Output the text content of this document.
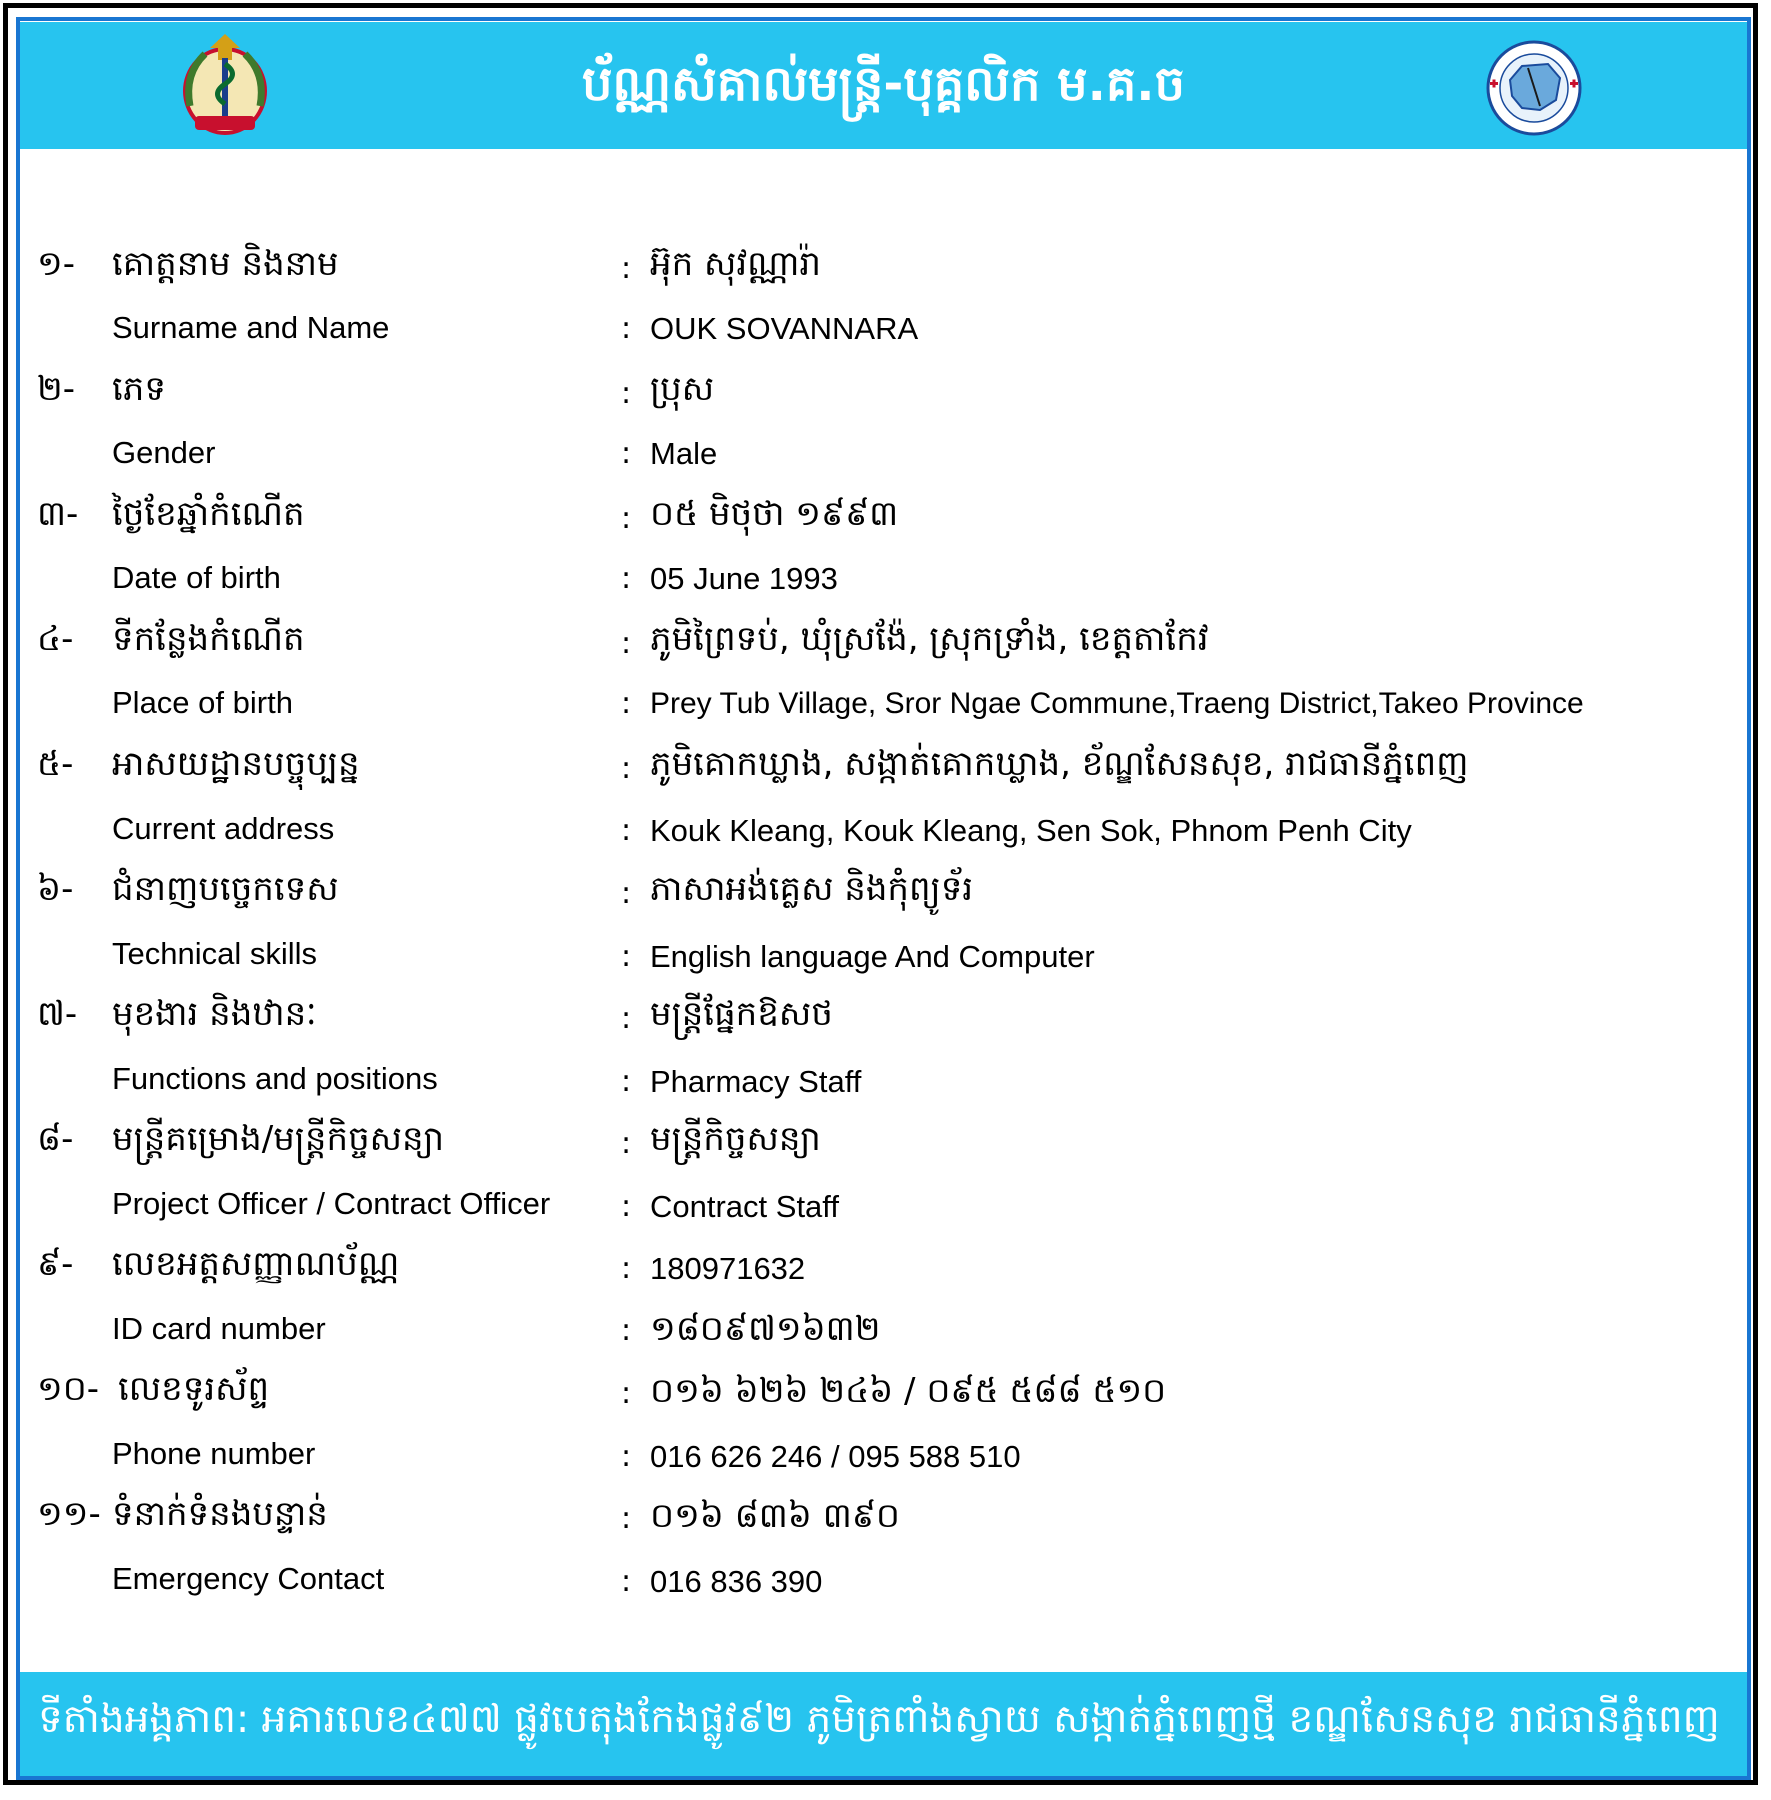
ប័ណ្ណសំគាល់មន្ត្រី-បុគ្គលិក ម.គ.ច
១- គោត្តនាម និងនាម	: អ៊ុក សុវណ្ណារ៉ា
Surname and Name	: OUK SOVANNARA
២- ភេទ	: ប្រុស
Gender	: Male
៣- ថ្ងៃខែឆ្នាំកំណើត	: ០៥ មិថុថា ១៩៩៣
Date of birth	: 05 June 1993
៤- ទីកន្លែងកំណើត	: ភូមិព្រៃទប់, ឃុំស្រង៉ែ, ស្រុកទ្រាំង, ខេត្តតាកែវ
Place of birth	: Prey Tub Village, Sror Ngae Commune,Traeng District,Takeo Province
៥- អាសយដ្ឋានបច្ចុប្បន្ន	: ភូមិគោកឃ្លាង, សង្កាត់គោកឃ្លាង, ខ័ណ្ឌសែនសុខ, រាជធានីភ្នំពេញ
Current address	: Kouk Kleang, Kouk Kleang, Sen Sok, Phnom Penh City
៦- ជំនាញបច្ចេកទេស	: ភាសាអង់គ្លេស និងកុំព្យូទ័រ
Technical skills	: English language And Computer
៧- មុខងារ និងឋានៈ	: មន្ត្រីផ្នែកឱសថ
Functions and positions	: Pharmacy Staff
៨- មន្ត្រីគម្រោង/មន្ត្រីកិច្ចសន្យា	: មន្ត្រីកិច្ចសន្យា
Project Officer / Contract Officer : Contract Staff
៩- លេខអត្តសញ្ញាណប័ណ្ណ	: 180971632
ID card number	: ១៨០៩៧១៦៣២
១០- លេខទូរស័ព្ទ	: ០១៦ ៦២៦ ២៤៦ / ០៩៥ ៥៨៨ ៥១០
Phone number	: 016 626 246 / 095 588 510
១១- ទំនាក់ទំនងបន្ទាន់	: ០១៦ ៨៣៦ ៣៩០
Emergency Contact	: 016 836 390
ទីតាំងអង្គភាព: អគារលេខ៤៧៧ ផ្លូវបេតុងកែងផ្លូវ៩២ ភូមិត្រពាំងស្វាយ សង្កាត់ភ្នំពេញថ្មី ខណ្ឌសែនសុខ រាជធានីភ្នំពេញ
